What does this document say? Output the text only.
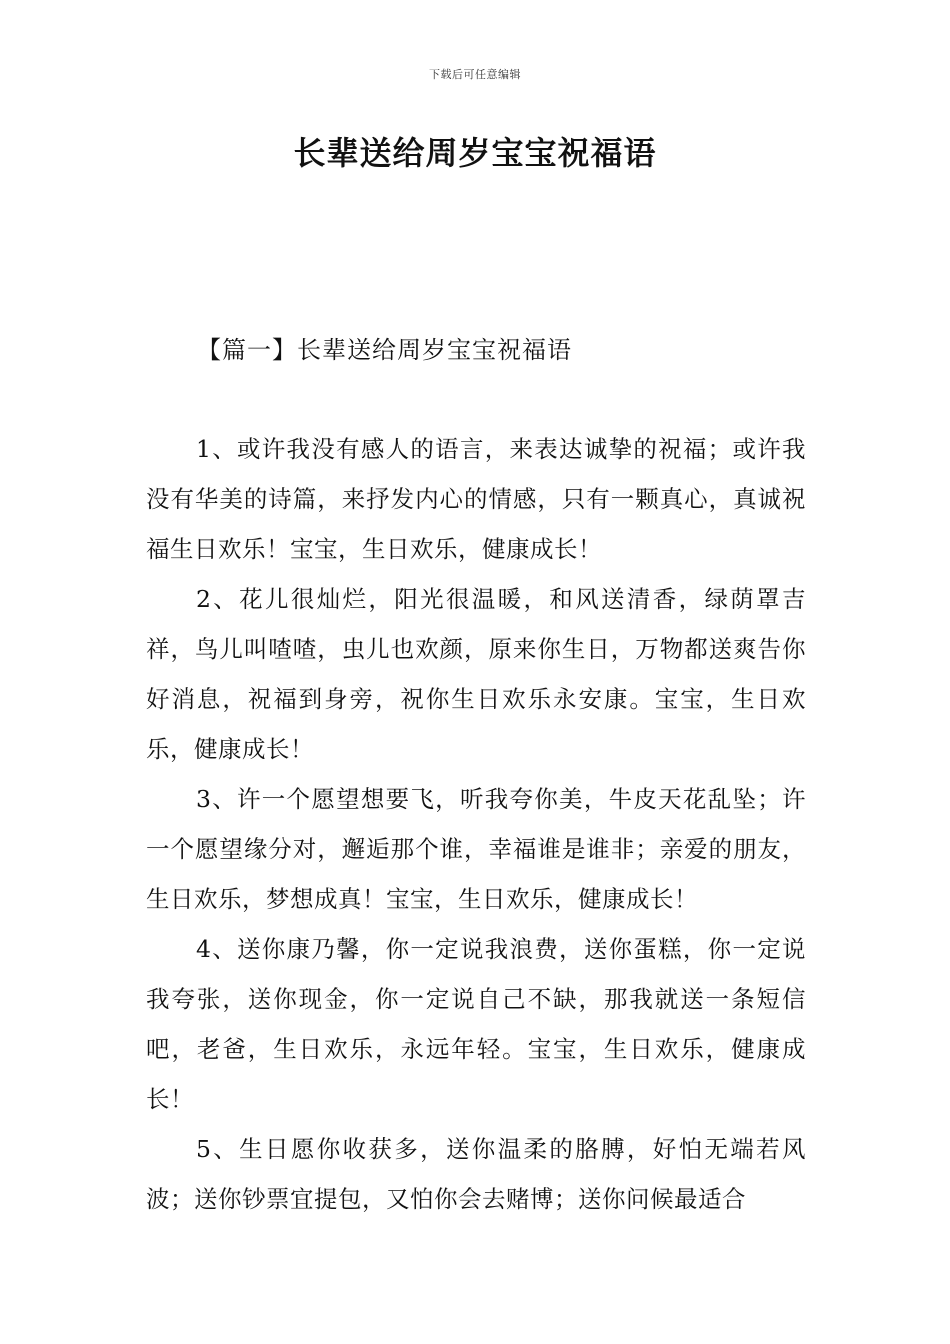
下载后可任意编辑
长辈送给周岁宝宝祝福语
【篇一】长辈送给周岁宝宝祝福语

1、或许我没有感人的语言，来表达诚挚的祝福；或许我没有华美的诗篇，来抒发内心的情感，只有一颗真心，真诚祝福生日欢乐！宝宝，生日欢乐，健康成长！

2、花儿很灿烂，阳光很温暖，和风送清香，绿荫罩吉祥，鸟儿叫喳喳，虫儿也欢颜，原来你生日，万物都送爽告你好消息，祝福到身旁，祝你生日欢乐永安康。宝宝，生日欢乐，健康成长！

3、许一个愿望想要飞，听我夸你美，牛皮天花乱坠；许一个愿望缘分对，邂逅那个谁，幸福谁是谁非；亲爱的朋友，生日欢乐，梦想成真！宝宝，生日欢乐，健康成长！

4、送你康乃馨，你一定说我浪费，送你蛋糕，你一定说我夸张，送你现金，你一定说自己不缺，那我就送一条短信吧，老爸，生日欢乐，永远年轻。宝宝，生日欢乐，健康成长！

5、生日愿你收获多，送你温柔的胳膊，好怕无端若风波；送你钞票宜提包，又怕你会去赌博；送你问候最适合
